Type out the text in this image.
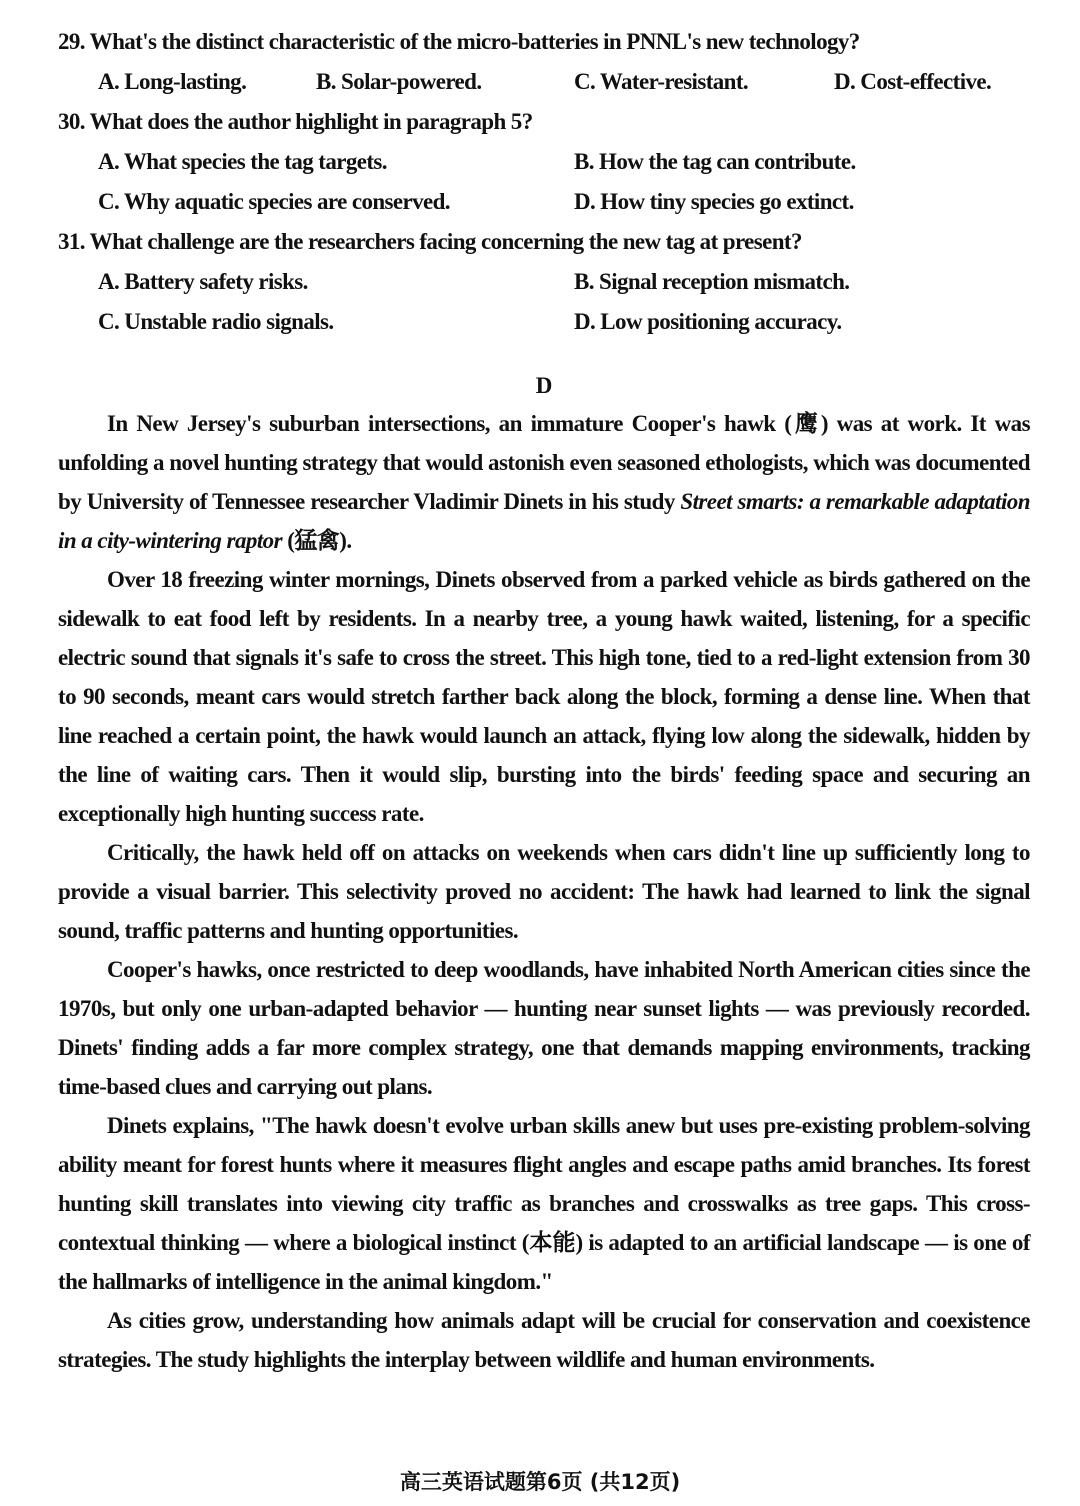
29. What's the distinct characteristic of the micro-batteries in PNNL's new technology?
A. Long-lasting.	B. Solar-powered.	C. Water-resistant.	D. Cost-effective.
30. What does the author highlight in paragraph 5?
A. What species the tag targets.	B. How the tag can contribute.
C. Why aquatic species are conserved.	D. How tiny species go extinct.
31. What challenge are the researchers facing concerning the new tag at present?
A. Battery safety risks.	B. Signal reception mismatch.
C. Unstable radio signals.	D. Low positioning accuracy.
D

In New Jersey's suburban intersections, an immature Cooper's hawk (鹰) was at work. It was unfolding a novel hunting strategy that would astonish even seasoned ethologists, which was documented by University of Tennessee researcher Vladimir Dinets in his study Street smarts: a remarkable adaptation in a city-wintering raptor (猛禽).

Over 18 freezing winter mornings, Dinets observed from a parked vehicle as birds gathered on the sidewalk to eat food left by residents. In a nearby tree, a young hawk waited, listening, for a specific electric sound that signals it's safe to cross the street. This high tone, tied to a red-light extension from 30 to 90 seconds, meant cars would stretch farther back along the block, forming a dense line. When that line reached a certain point, the hawk would launch an attack, flying low along the sidewalk, hidden by the line of waiting cars. Then it would slip, bursting into the birds' feeding space and securing an exceptionally high hunting success rate.

Critically, the hawk held off on attacks on weekends when cars didn't line up sufficiently long to provide a visual barrier. This selectivity proved no accident: The hawk had learned to link the signal sound, traffic patterns and hunting opportunities.

Cooper's hawks, once restricted to deep woodlands, have inhabited North American cities since the 1970s, but only one urban-adapted behavior — hunting near sunset lights — was previously recorded. Dinets' finding adds a far more complex strategy, one that demands mapping environments, tracking time-based clues and carrying out plans.

Dinets explains, "The hawk doesn't evolve urban skills anew but uses pre-existing problem-solving ability meant for forest hunts where it measures flight angles and escape paths amid branches. Its forest hunting skill translates into viewing city traffic as branches and crosswalks as tree gaps. This cross-contextual thinking — where a biological instinct (本能) is adapted to an artificial landscape — is one of the hallmarks of intelligence in the animal kingdom."

As cities grow, understanding how animals adapt will be crucial for conservation and coexistence strategies. The study highlights the interplay between wildlife and human environments.

高三英语试题第6页 (共12页)
